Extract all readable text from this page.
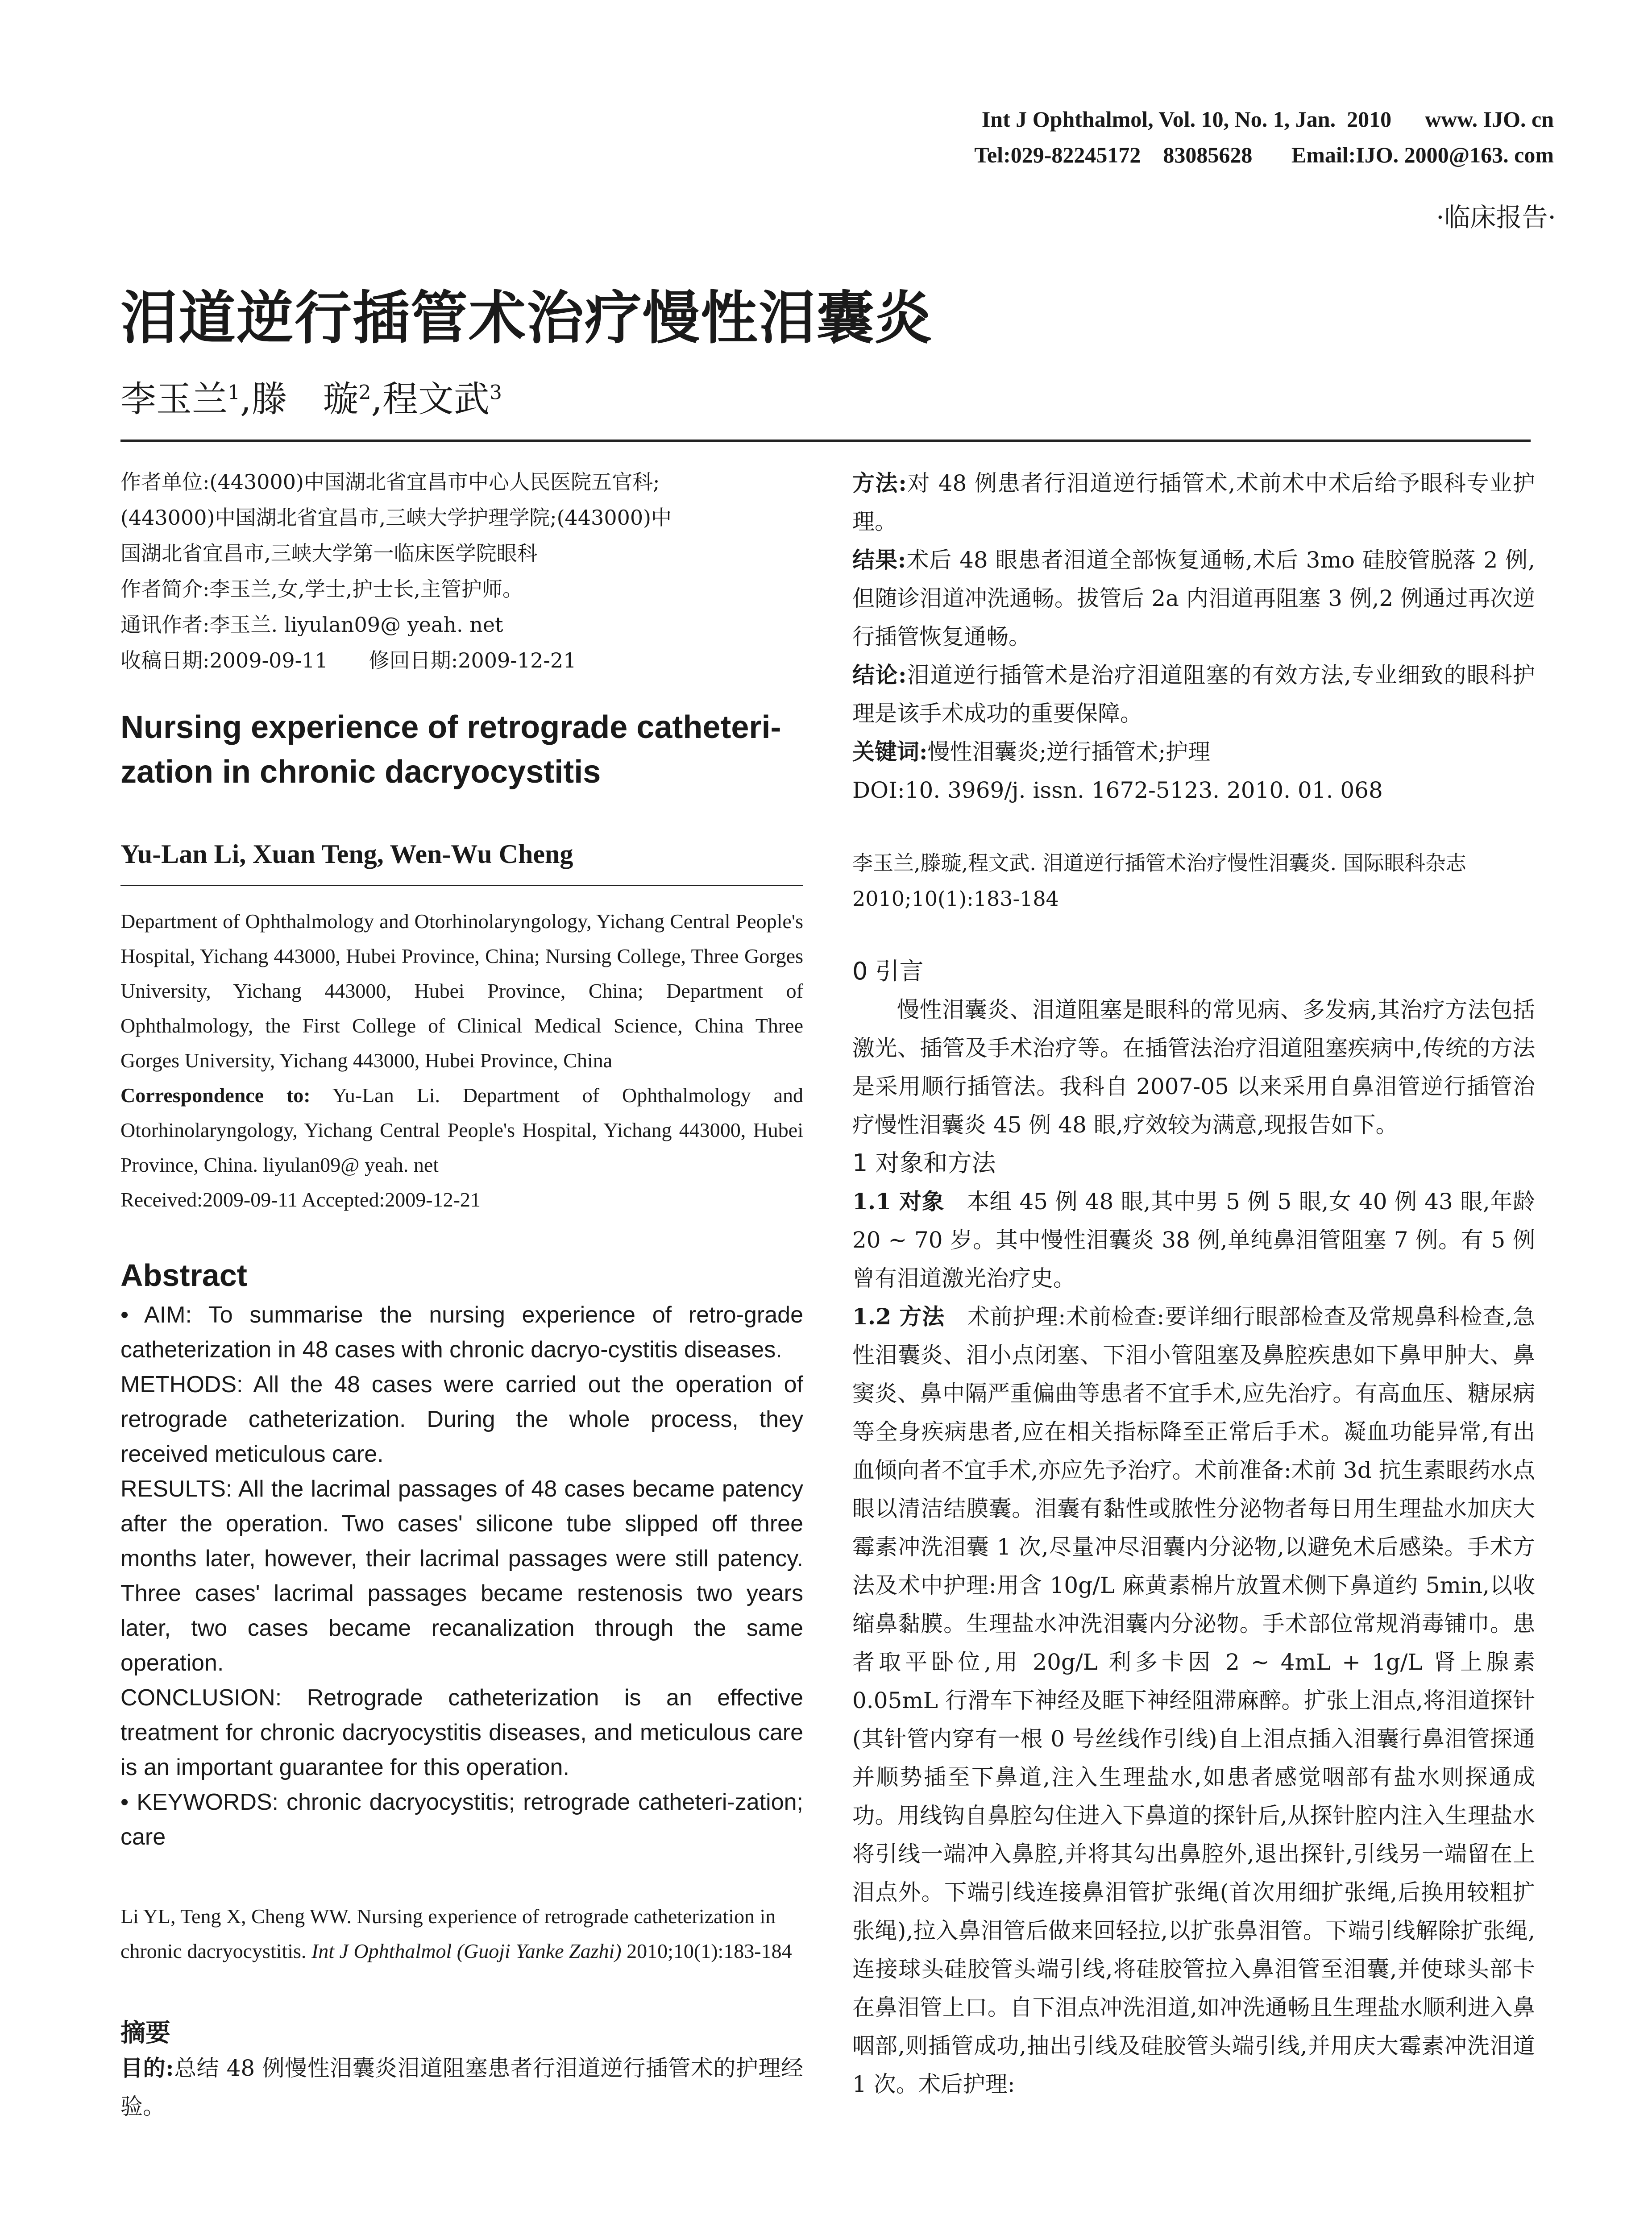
Int J Ophthalmol, Vol. 10, No. 1, Jan.  2010      www. IJO. cn
Tel:029-82245172    83085628       Email:IJO. 2000@163. com
·临床报告·
泪道逆行插管术治疗慢性泪囊炎
李玉兰$^1$,滕　璇$^2$,程文武$^3$
作者单位:(443000)中国湖北省宜昌市中心人民医院五官科;
(443000)中国湖北省宜昌市,三峡大学护理学院;(443000)中
国湖北省宜昌市,三峡大学第一临床医学院眼科
作者简介:李玉兰,女,学士,护士长,主管护师。
通讯作者:李玉兰. liyulan09@ yeah. net
收稿日期:2009-09-11　　修回日期:2009-12-21
Nursing experience of retrograde catheteri-
zation in chronic dacryocystitis
Yu-Lan Li, Xuan Teng, Wen-Wu Cheng
Department of Ophthalmology and Otorhinolaryngology, Yichang Central People's Hospital, Yichang 443000, Hubei Province, China; Nursing College, Three Gorges University, Yichang 443000, Hubei Province, China; Department of Ophthalmology, the First College of Clinical Medical Science, China Three Gorges University, Yichang 443000, Hubei Province, China
Correspondence to: Yu-Lan Li. Department of Ophthalmology and Otorhinolaryngology, Yichang Central People's Hospital, Yichang 443000, Hubei Province, China. liyulan09@ yeah. net
Received:2009-09-11 Accepted:2009-12-21
Abstract
• AIM: To summarise the nursing experience of retro-grade catheterization in 48 cases with chronic dacryo-cystitis diseases.
METHODS: All the 48 cases were carried out the operation of retrograde catheterization. During the whole process, they received meticulous care.
RESULTS: All the lacrimal passages of 48 cases became patency after the operation. Two cases' silicone tube slipped off three months later, however, their lacrimal passages were still patency. Three cases' lacrimal passages became restenosis two years later, two cases became recanalization through the same operation.
CONCLUSION: Retrograde catheterization is an effective treatment for chronic dacryocystitis diseases, and meticulous care is an important guarantee for this operation.
• KEYWORDS: chronic dacryocystitis; retrograde catheteri-zation; care
Li YL, Teng X, Cheng WW. Nursing experience of retrograde catheterization in chronic dacryocystitis. Int J Ophthalmol (Guoji Yanke Zazhi) 2010;10(1):183-184
摘要
目的:总结 48 例慢性泪囊炎泪道阻塞患者行泪道逆行插管术的护理经验。
方法:对 48 例患者行泪道逆行插管术,术前术中术后给予眼科专业护理。
结果:术后 48 眼患者泪道全部恢复通畅,术后 3mo 硅胶管脱落 2 例,但随诊泪道冲洗通畅。拔管后 2a 内泪道再阻塞 3 例,2 例通过再次逆行插管恢复通畅。
结论:泪道逆行插管术是治疗泪道阻塞的有效方法,专业细致的眼科护理是该手术成功的重要保障。
关键词:慢性泪囊炎;逆行插管术;护理
DOI:10. 3969/j. issn. 1672-5123. 2010. 01. 068
李玉兰,滕璇,程文武. 泪道逆行插管术治疗慢性泪囊炎. 国际眼科杂志 2010;10(1):183-184
0 引言
慢性泪囊炎、泪道阻塞是眼科的常见病、多发病,其治疗方法包括激光、插管及手术治疗等。在插管法治疗泪道阻塞疾病中,传统的方法是采用顺行插管法。我科自 2007-05 以来采用自鼻泪管逆行插管治疗慢性泪囊炎 45 例 48 眼,疗效较为满意,现报告如下。
1 对象和方法
1.1 对象　本组 45 例 48 眼,其中男 5 例 5 眼,女 40 例 43 眼,年龄 20 ~ 70 岁。其中慢性泪囊炎 38 例,单纯鼻泪管阻塞 7 例。有 5 例曾有泪道激光治疗史。
1.2 方法　术前护理:术前检查:要详细行眼部检查及常规鼻科检查,急性泪囊炎、泪小点闭塞、下泪小管阻塞及鼻腔疾患如下鼻甲肿大、鼻窦炎、鼻中隔严重偏曲等患者不宜手术,应先治疗。有高血压、糖尿病等全身疾病患者,应在相关指标降至正常后手术。凝血功能异常,有出血倾向者不宜手术,亦应先予治疗。术前准备:术前 3d 抗生素眼药水点眼以清洁结膜囊。泪囊有黏性或脓性分泌物者每日用生理盐水加庆大霉素冲洗泪囊 1 次,尽量冲尽泪囊内分泌物,以避免术后感染。手术方法及术中护理:用含 10g/L 麻黄素棉片放置术侧下鼻道约 5min,以收缩鼻黏膜。生理盐水冲洗泪囊内分泌物。手术部位常规消毒铺巾。患者取平卧位,用 20g/L 利多卡因 2 ~ 4mL + 1g/L 肾上腺素 0.05mL 行滑车下神经及眶下神经阻滞麻醉。扩张上泪点,将泪道探针(其针管内穿有一根 0 号丝线作引线)自上泪点插入泪囊行鼻泪管探通并顺势插至下鼻道,注入生理盐水,如患者感觉咽部有盐水则探通成功。用线钩自鼻腔勾住进入下鼻道的探针后,从探针腔内注入生理盐水将引线一端冲入鼻腔,并将其勾出鼻腔外,退出探针,引线另一端留在上泪点外。下端引线连接鼻泪管扩张绳(首次用细扩张绳,后换用较粗扩张绳),拉入鼻泪管后做来回轻拉,以扩张鼻泪管。下端引线解除扩张绳,连接球头硅胶管头端引线,将硅胶管拉入鼻泪管至泪囊,并使球头部卡在鼻泪管上口。自下泪点冲洗泪道,如冲洗通畅且生理盐水顺利进入鼻咽部,则插管成功,抽出引线及硅胶管头端引线,并用庆大霉素冲洗泪道 1 次。术后护理:
